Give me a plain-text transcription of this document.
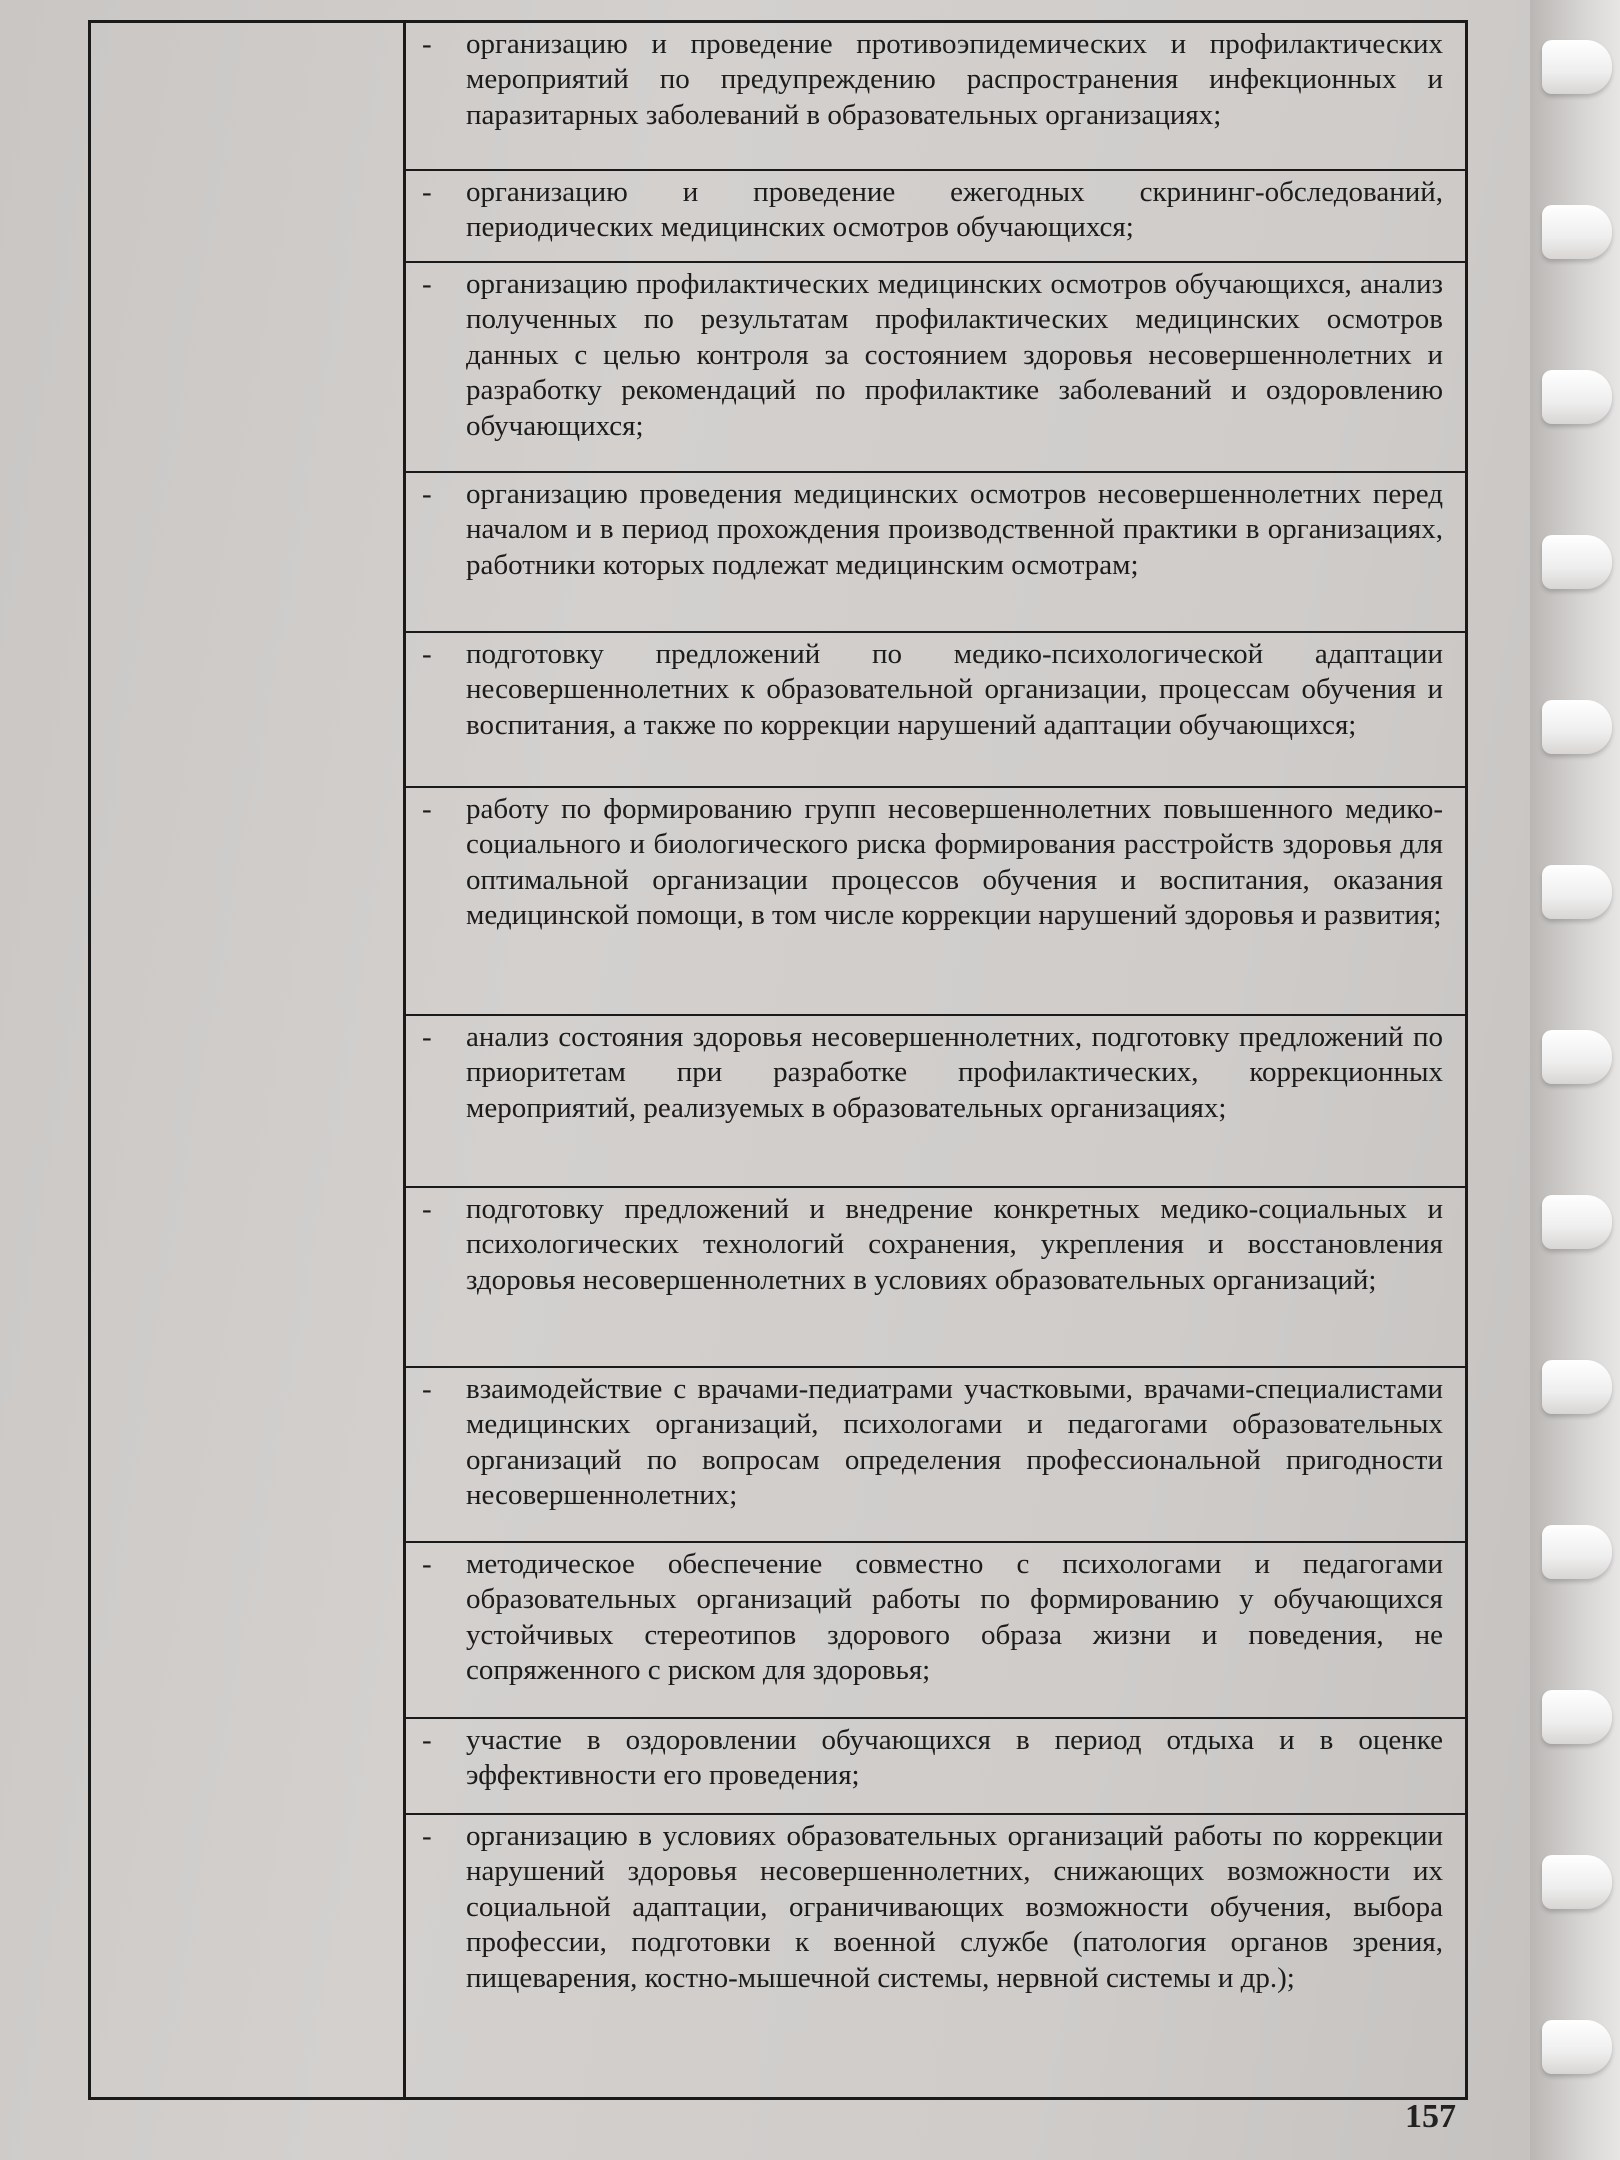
- организацию и проведение противоэпидемических и профилактических мероприятий по предупреждению распространения инфекционных и паразитарных заболеваний в образовательных организациях;
- организацию и проведение ежегодных скрининг-обследований, периодических медицинских осмотров обучающихся;
- организацию профилактических медицинских осмотров обучающихся, анализ полученных по результатам профилактических медицинских осмотров данных с целью контроля за состоянием здоровья несовершеннолетних и разработку рекомендаций по профилактике заболеваний и оздоровлению обучающихся;
- организацию проведения медицинских осмотров несовершеннолетних перед началом и в период прохождения производственной практики в организациях, работники которых подлежат медицинским осмотрам;
- подготовку предложений по медико-психологической адаптации несовершеннолетних к образовательной организации, процессам обучения и воспитания, а также по коррекции нарушений адаптации обучающихся;
- работу по формированию групп несовершеннолетних повышенного медико-социального и биологического риска формирования расстройств здоровья для оптимальной организации процессов обучения и воспитания, оказания медицинской помощи, в том числе коррекции нарушений здоровья и развития;
- анализ состояния здоровья несовершеннолетних, подготовку предложений по приоритетам при разработке профилактических, коррекционных мероприятий, реализуемых в образовательных организациях;
- подготовку предложений и внедрение конкретных медико-социальных и психологических технологий сохранения, укрепления и восстановления здоровья несовершеннолетних в условиях образовательных организаций;
- взаимодействие с врачами-педиатрами участковыми, врачами-специалистами медицинских организаций, психологами и педагогами образовательных организаций по вопросам определения профессиональной пригодности несовершеннолетних;
- методическое обеспечение совместно с психологами и педагогами образовательных организаций работы по формированию у обучающихся устойчивых стереотипов здорового образа жизни и поведения, не сопряженного с риском для здоровья;
- участие в оздоровлении обучающихся в период отдыха и в оценке эффективности его проведения;
- организацию в условиях образовательных организаций работы по коррекции нарушений здоровья несовершеннолетних, снижающих возможности их социальной адаптации, ограничивающих возможности обучения, выбора профессии, подготовки к военной службе (патология органов зрения, пищеварения, костно-мышечной системы, нервной системы и др.);
157
